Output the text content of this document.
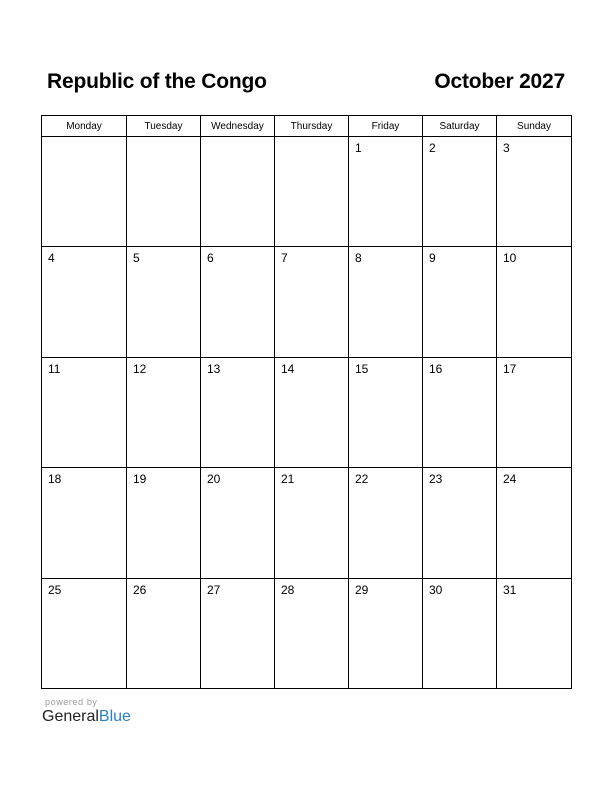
Republic of the Congo	October 2027
Monday	Tuesday	Wednesday	Thursday	Friday	Saturday	Sunday

				1	2	3

4	5	6	7	8	9	10

11	12	13	14	15	16	17

18	19	20	21	22	23	24

25	26	27	28	29	30	31
powered by
GeneralBlue
